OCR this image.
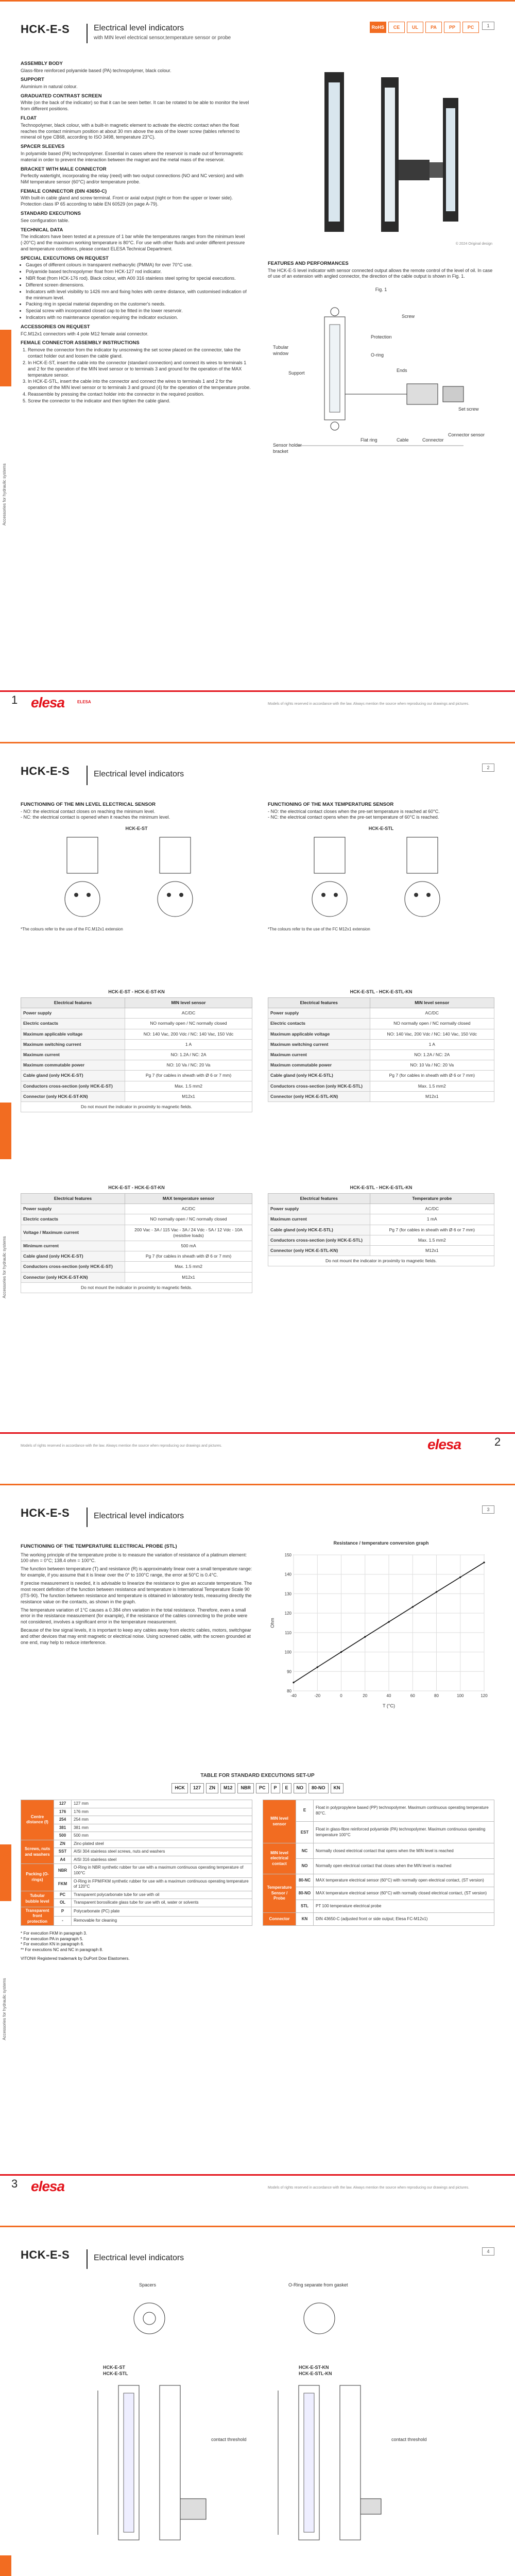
HCK-E-S	Electrical level indicators
with MIN level electrical sensor,temperature sensor or probe
RoHS	CE	UL	PA	PP	PC	1
Accessories for hydraulic systems
ASSEMBLY BODY
Glass-fibre reinforced polyamide based (PA) technopolymer, black colour.
SUPPORT
Aluminium in natural colour.
GRADUATED CONTRAST SCREEN
White (on the back of the indicator) so that it can be seen better. It can be rotated to be able to monitor the level from different positions.
FLOAT
Technopolymer, black colour, with a built-in magnetic element to activate the electric contact when the float reaches the contact minimum position at about 30 mm above the axis of the lower screw (tables referred to mineral oil type CB68, according to ISO 3498, temperature 23°C).
SPACER SLEEVES
In polyamide based (PA) technopolymer. Essential in cases where the reservoir is made out of ferromagnetic material in order to prevent the interaction between the magnet and the metal mass of the reservoir.
BRACKET WITH MALE CONNECTOR
Perfectly watertight, incorporating the relay (reed) with two output connections (NO and NC version) and with NiM temperature sensor (60°C) and/or temperature probe.
FEMALE CONNECTOR (DIN 43650-C)
With built-in cable gland and screw terminal. Front or axial output (right or from the upper or lower side). Protection class IP 65 according to table EN 60529 (on page A-79).
STANDARD EXECUTIONS
See configuration table.
TECHNICAL DATA
The indicators have been tested at a pressure of 1 bar while the temperatures ranges from the minimum level (-20°C) and the maximum working temperature is 80°C. For use with other fluids and under different pressure and temperature conditions, please contact ELESA Technical Department.
SPECIAL EXECUTIONS ON REQUEST
• Gauges of different colours in transparent methacrylic (PMMA) for over 70°C use.
• Polyamide based technopolymer float from HCK-127 rod indicator.
• NBR float (from HCK-176 rod). Black colour, with A00 316 stainless steel spring for special executions.
• Different screen dimensions.
• Indicators with level visibility to 1426 mm and fixing holes with centre distance, with customised indication of the minimum level.
• Packing ring in special material depending on the customer's needs.
• Special screw with incorporated closed cap to be fitted in the lower reservoir.
• Indicators with no maintenance operation requiring the indicator exclusion.
ACCESSORIES ON REQUEST
FC.M12x1 connectors with 4 pole M12 female axial connector.
FEMALE CONNECTOR ASSEMBLY INSTRUCTIONS
1. Remove the connector from the indicator by unscrewing the set screw placed on the connector, take the contact holder out and loosen the cable gland.
2. In HCK-E-ST, insert the cable into the connector (standard connection) and connect its wires to terminals 1 and 2 for the operation of the MIN level sensor or to terminals 3 and ground for the operation of the MAX temperature sensor.
3. In HCK-E-STL, insert the cable into the connector and connect the wires to terminals 1 and 2 for the operation of the MIN level sensor or to terminals 3 and ground (4) for the operation of the temperature probe.
4. Reassemble by pressing the contact holder into the connector in the required position.
5. Screw the connector to the indicator and then tighten the cable gland.
© 2024 Original design
FEATURES AND PERFORMANCES
The HCK-E-S level indicator with sensor connected output allows the remote control of the level of oil. In case of use of an extension with angled connector, the direction of the cable output is shown in Fig. 1.
Fig. 1
Screw
Protection
Tubular window	O-ring
Ends
Support
Flat ring	Cable	Connector
Set screw
Connector sensor
Sensor holder bracket
1 elesa	ELESA	Models of rights reserved in accordance with the law. Always mention the source when reproducing our drawings and pictures.
HCK-E-S	Electrical level indicators
2
Accessories for hydraulic systems
FUNCTIONING OF THE MIN LEVEL ELECTRICAL SENSOR
- NO: the electrical contact closes on reaching the minimum level.
- NC: the electrical contact is opened when it reaches the minimum level.
HCK-E-ST
*The colours refer to the use of the FC.M12x1 extension
FUNCTIONING OF THE MAX TEMPERATURE SENSOR
- NO: the electrical contact closes when the pre-set temperature is reached at 60°C.
- NC: the electrical contact opens when the pre-set temperature of 60°C is reached.
HCK-E-STL
*The colours refer to the use of the FC M12x1 extension
HCK-E-ST - HCK-E-ST-KN
Electrical features	MIN level sensor
Power supply	AC/DC
Electric contacts	NO normally open / NC normally closed
Maximum applicable voltage	NO: 140 Vac, 200 Vdc / NC: 140 Vac, 150 Vdc
Maximum switching current	1 A
Maximum current	NO: 1.2A / NC: 2A
Maximum commutable power	NO: 10 Va / NC: 20 Va
Cable gland (only HCK-E-ST)	Pg 7 (for cables in sheath with Ø 6 or 7 mm)
Conductors cross-section (only HCK-E-ST)	Max. 1.5 mm2
Connector (only HCK-E-ST-KN)	M12x1
Do not mount the indicator in proximity to magnetic fields.	
HCK-E-STL - HCK-E-STL-KN
Electrical features	MIN level sensor
Power supply	AC/DC
Electric contacts	NO normally open / NC normally closed
Maximum applicable voltage	NO: 140 Vac, 200 Vdc / NC: 140 Vac, 150 Vdc
Maximum switching current	1 A
Maximum current	NO: 1.2A / NC: 2A
Maximum commutable power	NO: 10 Va / NC: 20 Va
Cable gland (only HCK-E-STL)	Pg 7 (for cables in sheath with Ø 6 or 7 mm)
Conductors cross-section (only HCK-E-STL)	Max. 1.5 mm2
Connector (only HCK-E-STL-KN)	M12x1
HCK-E-ST - HCK-E-ST-KN
Electrical features	MAX temperature sensor
Power supply	AC/DC
Electric contacts	NO normally open / NC normally closed
Voltage / Maximum current	200 Vac - 3A / 115 Vac - 3A / 24 Vdc - 5A / 12 Vdc - 10A (resistive loads)
Minimum current	500 mA
Cable gland (only HCK-E-ST)	Pg 7 (for cables in sheath with Ø 6 or 7 mm)
Conductors cross-section (only HCK-E-ST)	Max. 1.5 mm2
Connector (only HCK-E-ST-KN)	M12x1
Do not mount the indicator in proximity to magnetic fields.	
HCK-E-STL - HCK-E-STL-KN
Electrical features	Temperature probe
Power supply	AC/DC
Maximum current	1 mA
Cable gland (only HCK-E-STL)	Pg 7 (for cables in sheath with Ø 6 or 7 mm)
Conductors cross-section (only HCK-E-STL)	Max. 1.5 mm2
Connector (only HCK-E-STL-KN)	M12x1
Do not mount the indicator in proximity to magnetic fields.	
2
elesa
Models of rights reserved in accordance with the law. Always mention the source when reproducing our drawings and pictures.
HCK-E-S	Electrical level indicators
3
Accessories for hydraulic systems
FUNCTIONING OF THE TEMPERATURE ELECTRICAL PROBE (STL)
The working principle of the temperature probe is to measure the variation of resistance of a platinum element: 100 ohm = 0°C; 138.4 ohm = 100°C.
The function between temperature (T) and resistance (R) is approximately linear over a small temperature range: for example, if you assume that it is linear over the 0° to 100°C range, the error at 50°C is 0.4°C.
If precise measurement is needed, it is advisable to linearize the resistance to give an accurate temperature. The most recent definition of the function between resistance and temperature is International Temperature Scale 90 (ITS-90). The function between resistance and temperature is obtained in laboratory tests, measuring directly the resistance value on the contacts, as shown in the graph.
The temperature variation of 1°C causes a 0.384 ohm variation in the total resistance. Therefore, even a small error in the resistance measurement (for example), if the resistance of the cables connecting to the probe were not considered, involves a significant error in the temperature measurement.
Because of the low signal levels, it is important to keep any cables away from electric cables, motors, switchgear and other devices that may emit magnetic or electrical noise. Using screened cable, with the screen grounded at one end, may help to reduce interference.
Resistance / temperature conversion graph
-40	-20	0	20	40	60	80	100	120
80
90
100
110
120
130
140
150
T (°C)
Ohm
TABLE FOR STANDARD EXECUTIONS SET-UP
HCK	127	ZN	M12	NBR	PC	P	E	NO	80-NO	KN
Centre distance (f)	127	127 mm
	176	176 mm
	254	254 mm
	381	381 mm
	500	500 mm
Screws, nuts and washers	ZN	Zinc-plated steel
	SST	AISI 304 stainless steel screws, nuts and washers
	A4	AISI 316 stainless steel
Packing (O-rings)	NBR	O-Ring in NBR synthetic rubber for use with a maximum continuous operating temperature of 100°C
	FKM	O-Ring in FPM/FKM synthetic rubber for use with a maximum continuous operating temperature of 120°C
Tubular bubble level	PC	Transparent polycarbonate tube for use with oil
	OL	Transparent borosilicate glass tube for use with oil, water or solvents
Transparent front protection	P	Polycarbonate (PC) plate
	-	Removable for cleaning
MIN level sensor	E	Float in polypropylene based (PP) technopolymer. Maximum continuous operating temperature 80°C.
	EST	Float in glass-fibre reinforced polyamide (PA) technopolymer. Maximum continuous operating temperature 100°C
MIN level electrical contact	NC	Normally closed electrical contact that opens when the MIN level is reached
	NO	Normally open electrical contact that closes when the MIN level is reached
Temperature Sensor / Probe	80-NC	MAX temperature electrical sensor (60°C) with normally open electrical contact, (ST version)
	80-NO	MAX temperature electrical sensor (60°C) with normally closed electrical contact, (ST version)
	STL	PT 100 temperature electrical probe
Connector	KN	DIN 43650-C (adjusted front or side output; Elesa FC-M12x1)
* For execution FKM in paragraph 3.
* For execution PA in paragraph 5.
* For execution KN in paragraph 6.
** For executions NC and NC in paragraph 8.
VITON® Registered trademark by DuPont Dow Elastomers.
3 elesa	Models of rights reserved in accordance with the law. Always mention the source when reproducing our drawings and pictures.
HCK-E-S	Electrical level indicators
4
Spacers	O-Ring separate from gasket
HCK-E-ST
HCK-E-STL
HCK-E-ST-KN
HCK-E-STL-KN
contact threshold	contact threshold
